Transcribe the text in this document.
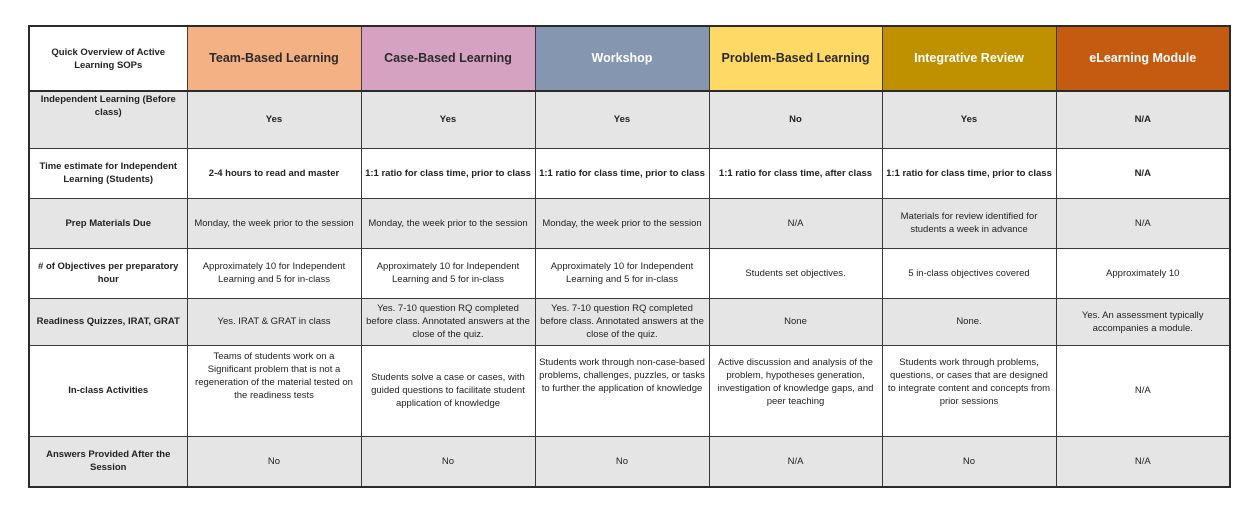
Quick Overview of Active Learning SOPs	Team-Based Learning	Case-Based Learning	Workshop	Problem-Based Learning	Integrative Review	eLearning Module
Independent Learning (Before class)	Yes	Yes	Yes	No	Yes	N/A
Time estimate for Independent Learning (Students)	2-4 hours to read and master	1:1 ratio for class time, prior to class	1:1 ratio for class time, prior to class	1:1 ratio for class time, after class	1:1 ratio for class time, prior to class	N/A
Prep Materials Due	Monday, the week prior to the session	Monday, the week prior to the session	Monday, the week prior to the session	N/A	Materials for review identified for students a week in advance	N/A
# of Objectives per preparatory hour	Approximately 10 for Independent Learning and 5 for in-class	Approximately 10 for Independent Learning and 5 for in-class	Approximately 10 for Independent Learning and 5 for in-class	Students set objectives.	5 in-class objectives covered	Approximately 10
Readiness Quizzes, IRAT, GRAT	Yes. IRAT & GRAT in class	Yes. 7-10 question RQ completed before class. Annotated answers at the close of the quiz.	Yes. 7-10 question RQ completed before class. Annotated answers at the close of the quiz.	None	None.	Yes. An assessment typically accompanies a module.
In-class Activities	Teams of students work on a Significant problem that is not a regeneration of the material tested on the readiness tests	Students solve a case or cases, with guided questions to facilitate student application of knowledge	Students work through non-case-based problems, challenges, puzzles, or tasks to further the application of knowledge	Active discussion and analysis of the problem, hypotheses generation, investigation of knowledge gaps, and peer teaching	Students work through problems, questions, or cases that are designed to integrate content and concepts from prior sessions	N/A
Answers Provided After the Session	No	No	No	N/A	No	N/A
